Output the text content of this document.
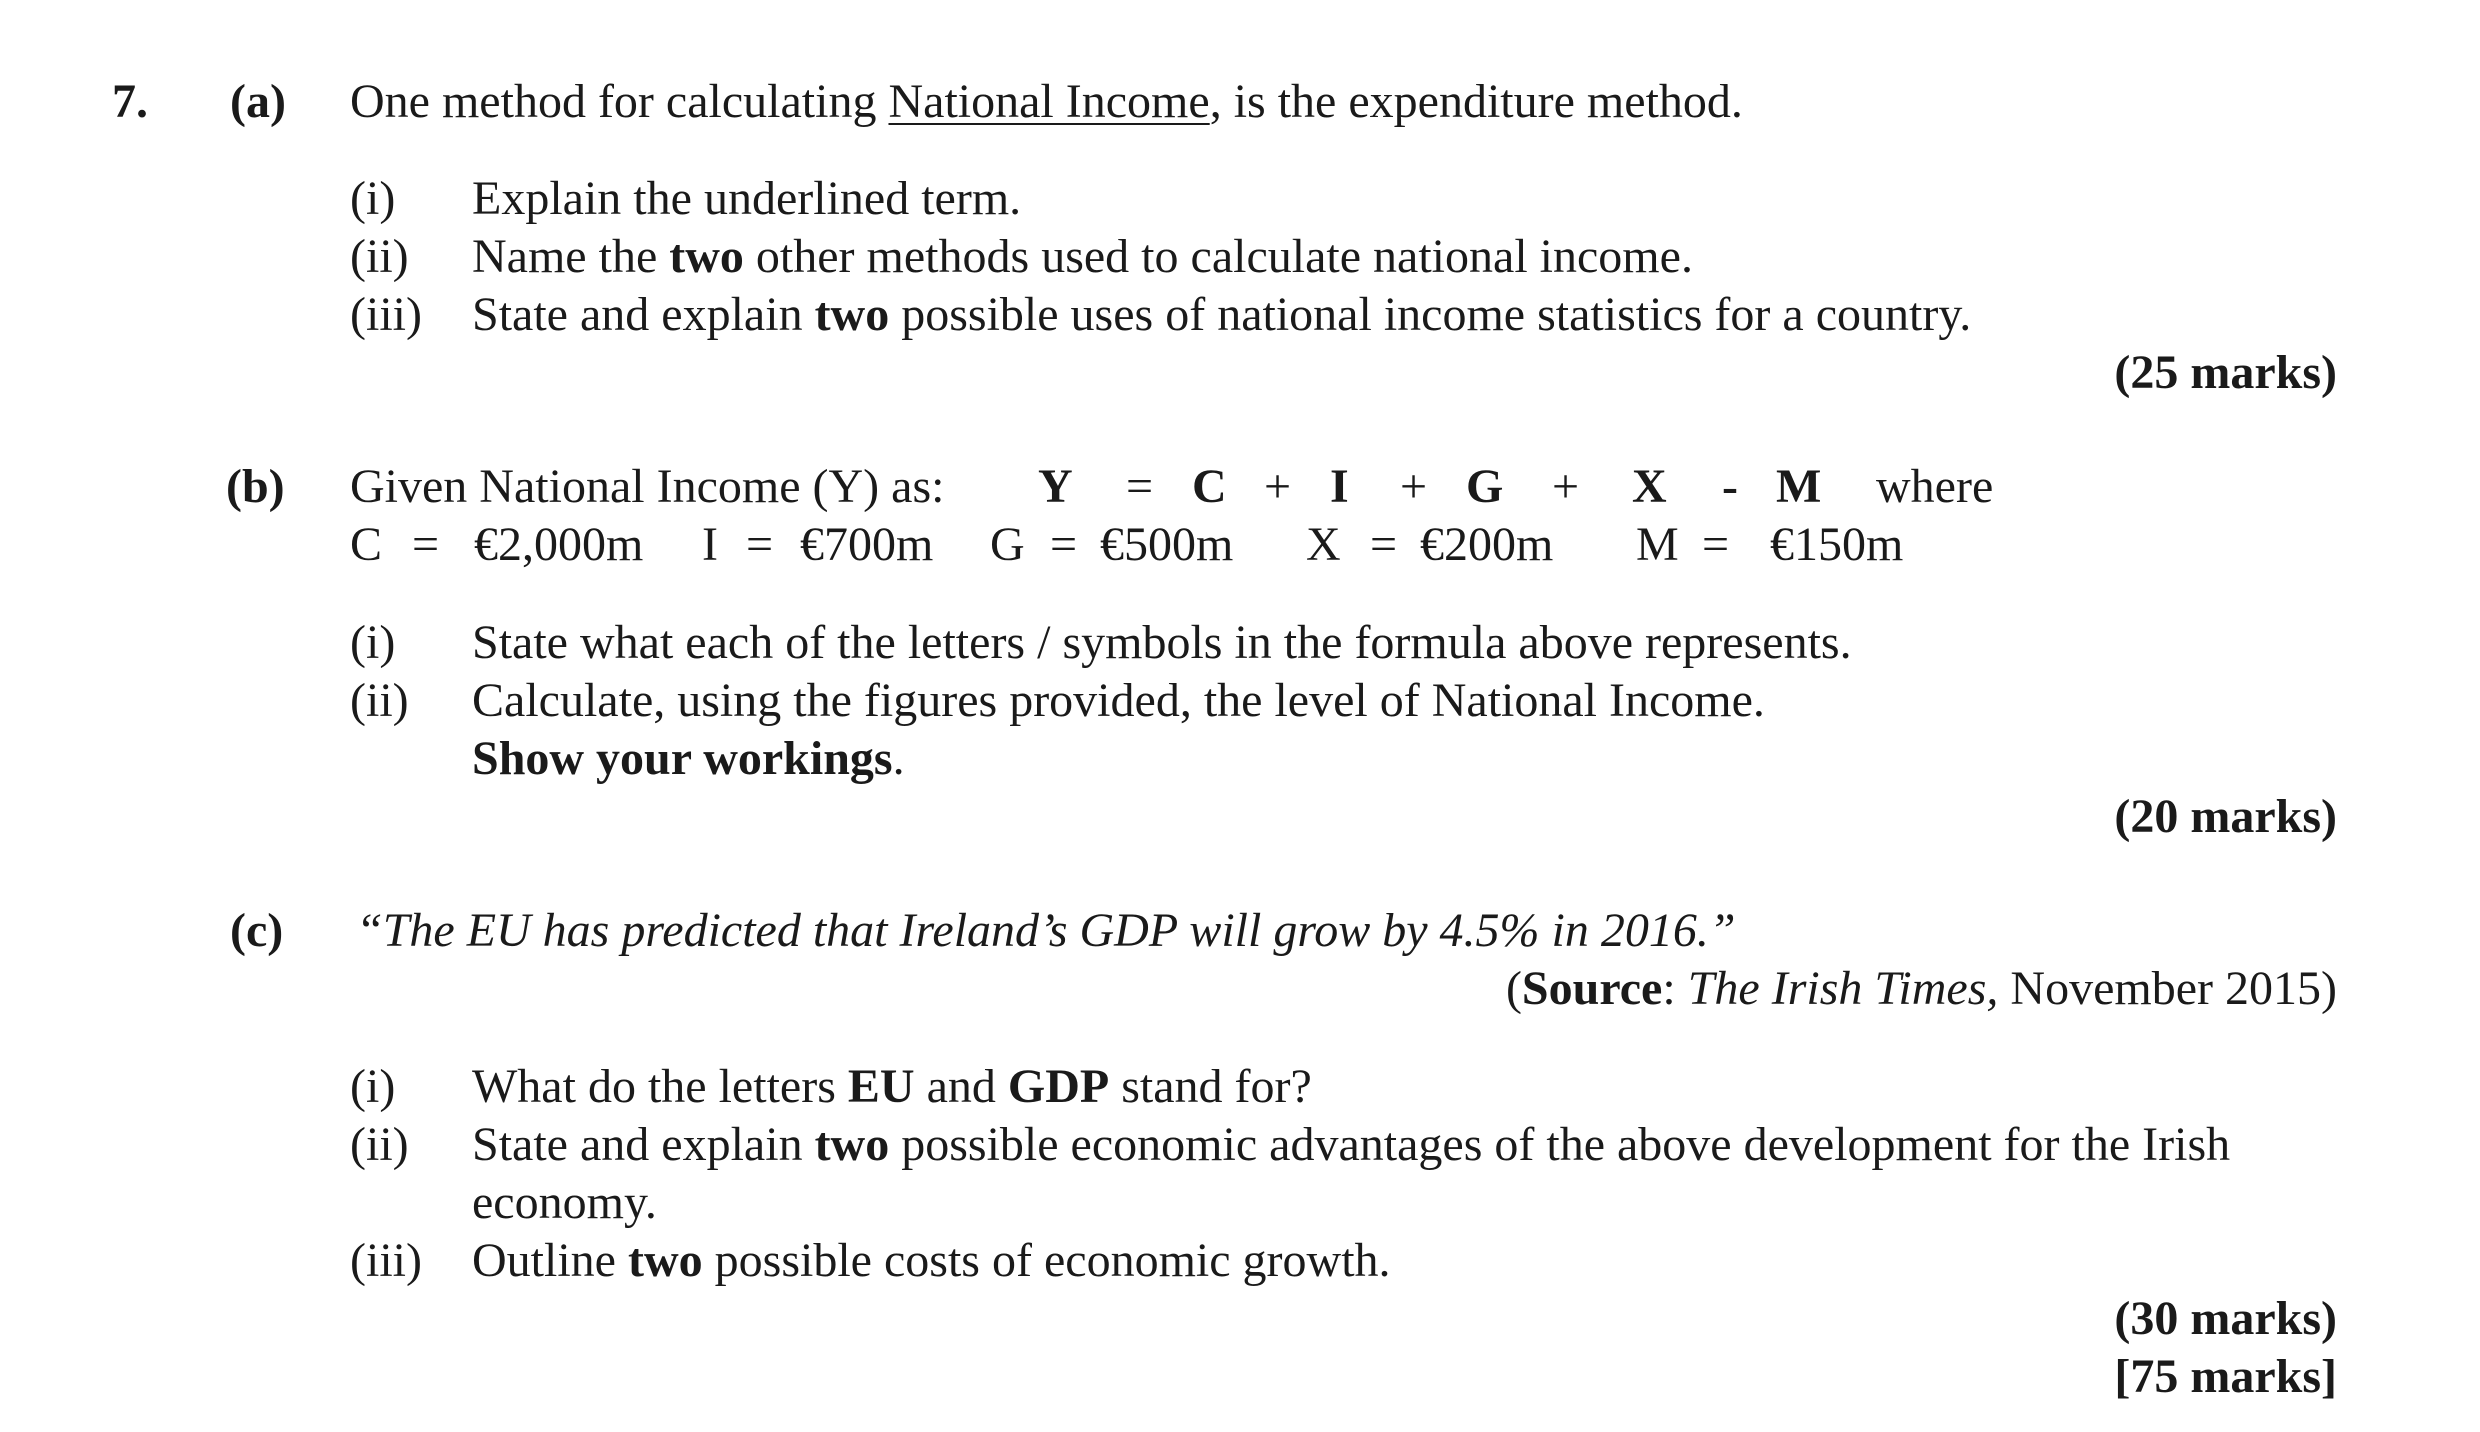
7. (a) One method for calculating National Income, is the expenditure method.
(i) Explain the underlined term.
(ii) Name the two other methods used to calculate national income.
(iii) State and explain two possible uses of national income statistics for a country.
(25 marks)
(b) Given National Income (Y) as: Y = C + I + G + X - M where
C = €2,000m I = €700m G = €500m X = €200m M = €150m
(i) State what each of the letters / symbols in the formula above represents.
(ii) Calculate, using the figures provided, the level of National Income.
Show your workings.
(20 marks)
(c) “The EU has predicted that Ireland’s GDP will grow by 4.5% in 2016.”
(Source: The Irish Times, November 2015)
(i) What do the letters EU and GDP stand for?
(ii) State and explain two possible economic advantages of the above development for the Irish
economy.
(iii) Outline two possible costs of economic growth.
(30 marks)
[75 marks]
